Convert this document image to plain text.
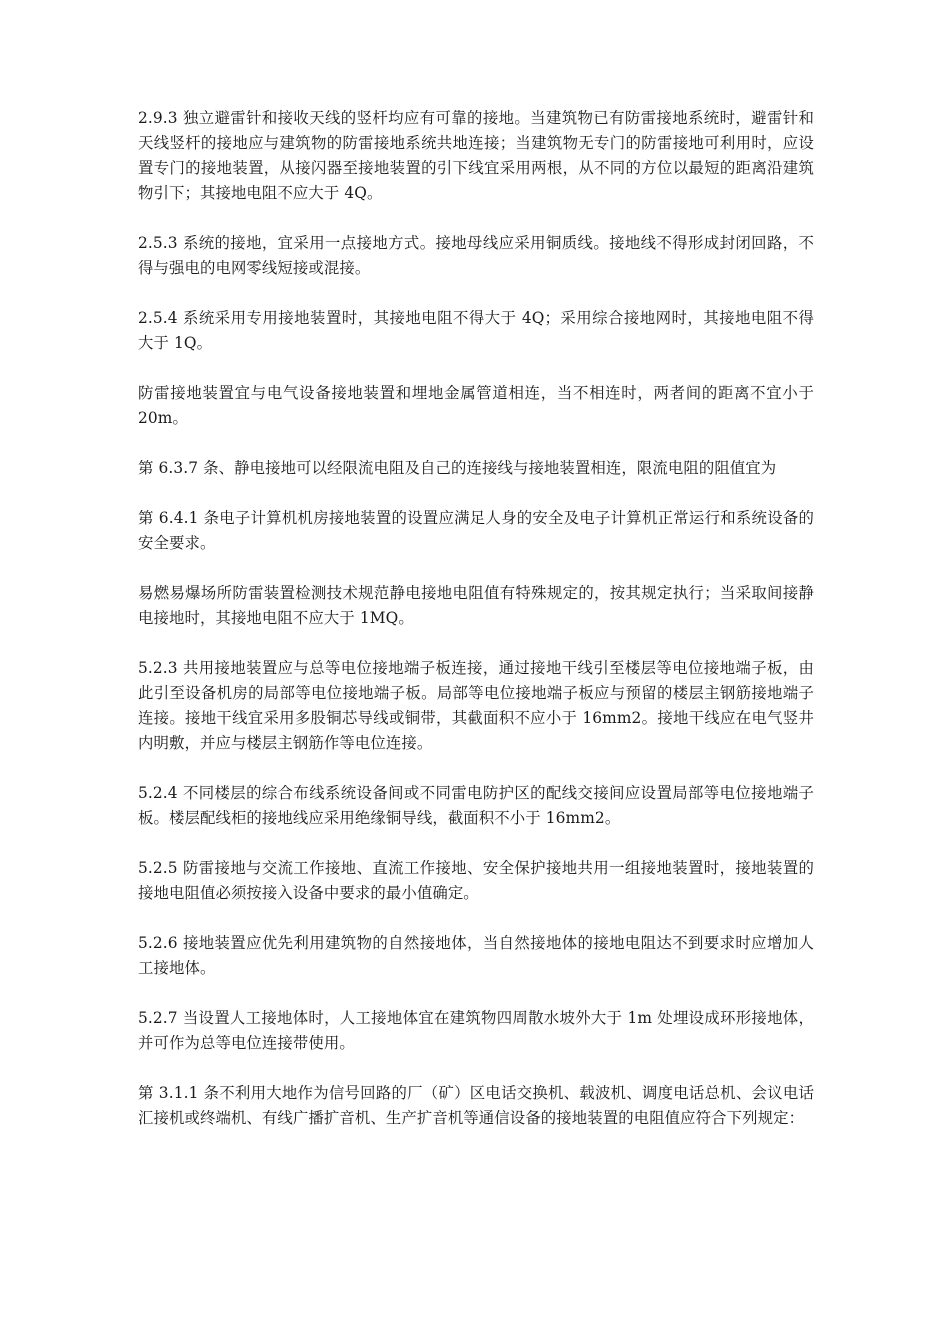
2.9.3 独立避雷针和接收天线的竖杆均应有可靠的接地。当建筑物已有防雷接地系统时，避雷针和天线竖杆的接地应与建筑物的防雷接地系统共地连接；当建筑物无专门的防雷接地可利用时，应设置专门的接地装置，从接闪器至接地装置的引下线宜采用两根，从不同的方位以最短的距离沿建筑物引下；其接地电阻不应大于 4Q。

2.5.3 系统的接地，宜采用一点接地方式。接地母线应采用铜质线。接地线不得形成封闭回路，不得与强电的电网零线短接或混接。

2.5.4 系统采用专用接地装置时，其接地电阻不得大于 4Q；采用综合接地网时，其接地电阻不得大于 1Q。

防雷接地装置宜与电气设备接地装置和埋地金属管道相连，当不相连时，两者间的距离不宜小于 20m。

第 6.3.7 条、静电接地可以经限流电阻及自己的连接线与接地装置相连，限流电阻的阻值宜为

第 6.4.1 条电子计算机机房接地装置的设置应满足人身的安全及电子计算机正常运行和系统设备的安全要求。

易燃易爆场所防雷装置检测技术规范静电接地电阻值有特殊规定的，按其规定执行；当采取间接静电接地时，其接地电阻不应大于 1MQ。

5.2.3 共用接地装置应与总等电位接地端子板连接，通过接地干线引至楼层等电位接地端子板，由此引至设备机房的局部等电位接地端子板。局部等电位接地端子板应与预留的楼层主钢筋接地端子连接。接地干线宜采用多股铜芯导线或铜带，其截面积不应小于 16mm2。接地干线应在电气竖井内明敷，并应与楼层主钢筋作等电位连接。

5.2.4 不同楼层的综合布线系统设备间或不同雷电防护区的配线交接间应设置局部等电位接地端子板。楼层配线柜的接地线应采用绝缘铜导线，截面积不小于 16mm2。

5.2.5 防雷接地与交流工作接地、直流工作接地、安全保护接地共用一组接地装置时，接地装置的接地电阻值必须按接入设备中要求的最小值确定。

5.2.6 接地装置应优先利用建筑物的自然接地体，当自然接地体的接地电阻达不到要求时应增加人工接地体。

5.2.7 当设置人工接地体时，人工接地体宜在建筑物四周散水坡外大于 1m 处埋设成环形接地体，并可作为总等电位连接带使用。

第 3.1.1 条不利用大地作为信号回路的厂（矿）区电话交换机、载波机、调度电话总机、会议电话汇接机或终端机、有线广播扩音机、生产扩音机等通信设备的接地装置的电阻值应符合下列规定：
